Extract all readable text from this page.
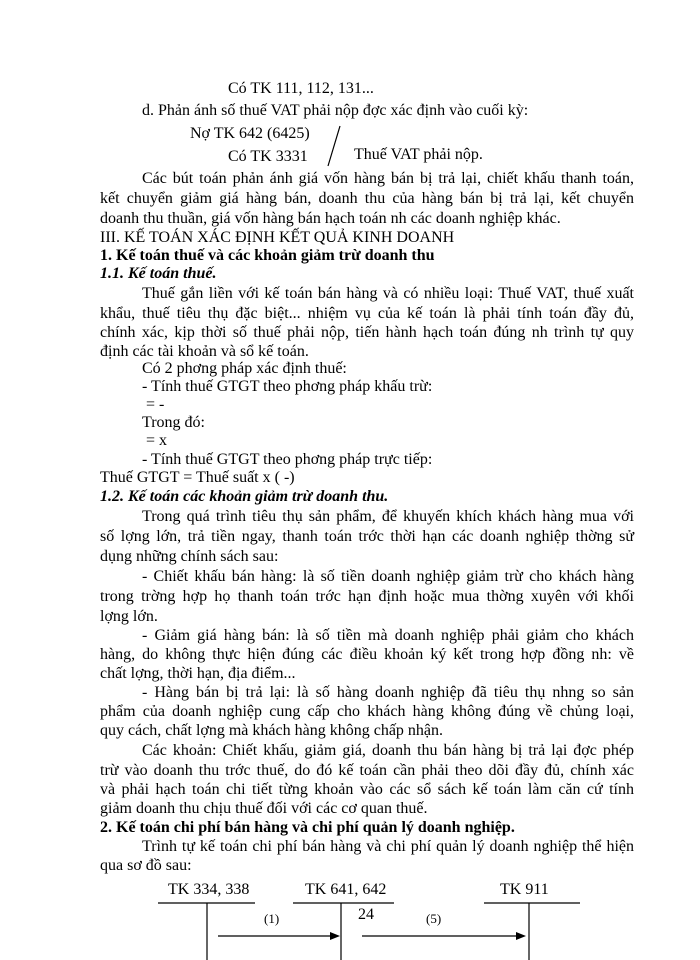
Có TK 111, 112, 131...
d. Phản ánh số thuế VAT phải nộp đợc xác định vào cuối kỳ:
Nợ TK 642 (6425)
Có TK 3331	Thuế VAT phải nộp.
Các bút toán phản ánh giá vốn hàng bán bị trả lại, chiết khấu thanh toán,
kết chuyển giảm giá hàng bán, doanh thu của hàng bán bị trả lại, kết chuyển
doanh thu thuần, giá vốn hàng bán hạch toán nh các doanh nghiệp khác.
III. KẾ TOÁN XÁC ĐỊNH KẾT QUẢ KINH DOANH
1. Kế toán thuế và các khoản giảm trừ doanh thu
1.1. Kế toán thuế.
Thuế gắn liền với kế toán bán hàng và có nhiều loại: Thuế VAT, thuế xuất
khẩu, thuế tiêu thụ đặc biệt... nhiệm vụ của kế toán là phải tính toán đầy đủ,
chính xác, kịp thời số thuế phải nộp, tiến hành hạch toán đúng nh trình tự quy
định các tài khoản và sổ kế toán.
Có 2 phơng pháp xác định thuế:
- Tính thuế GTGT theo phơng pháp khấu trừ:
= -
Trong đó:
= x
- Tính thuế GTGT theo phơng pháp trực tiếp:
Thuế GTGT = Thuế suất x ( -)
1.2. Kế toán các khoản giảm trừ doanh thu.
Trong quá trình tiêu thụ sản phẩm, để khuyến khích khách hàng mua với
số lợng lớn, trả tiền ngay, thanh toán trớc thời hạn các doanh nghiệp thờng sử
dụng những chính sách sau:
- Chiết khấu bán hàng: là số tiền doanh nghiệp giảm trừ cho khách hàng
trong trờng hợp họ thanh toán trớc hạn định hoặc mua thờng xuyên với khối
lợng lớn.
- Giảm giá hàng bán: là số tiền mà doanh nghiệp phải giảm cho khách
hàng, do không thực hiện đúng các điều khoản ký kết trong hợp đồng nh: về
chất lợng, thời hạn, địa điểm...
- Hàng bán bị trả lại: là số hàng doanh nghiệp đã tiêu thụ nhng so sản
phẩm của doanh nghiệp cung cấp cho khách hàng không đúng về chủng loại,
quy cách, chất lợng mà khách hàng không chấp nhận.
Các khoản: Chiết khấu, giảm giá, doanh thu bán hàng bị trả lại đợc phép
trừ vào doanh thu trớc thuế, do đó kế toán cần phải theo dõi đầy đủ, chính xác
và phải hạch toán chi tiết từng khoản vào các sổ sách kế toán làm căn cứ tính
giảm doanh thu chịu thuế đối với các cơ quan thuế.
2. Kế toán chi phí bán hàng và chi phí quản lý doanh nghiệp.
Trình tự kế toán chi phí bán hàng và chi phí quản lý doanh nghiệp thể hiện
qua sơ đồ sau:
TK 334, 338	TK 641, 642	TK 911
(1)	24	(5)
